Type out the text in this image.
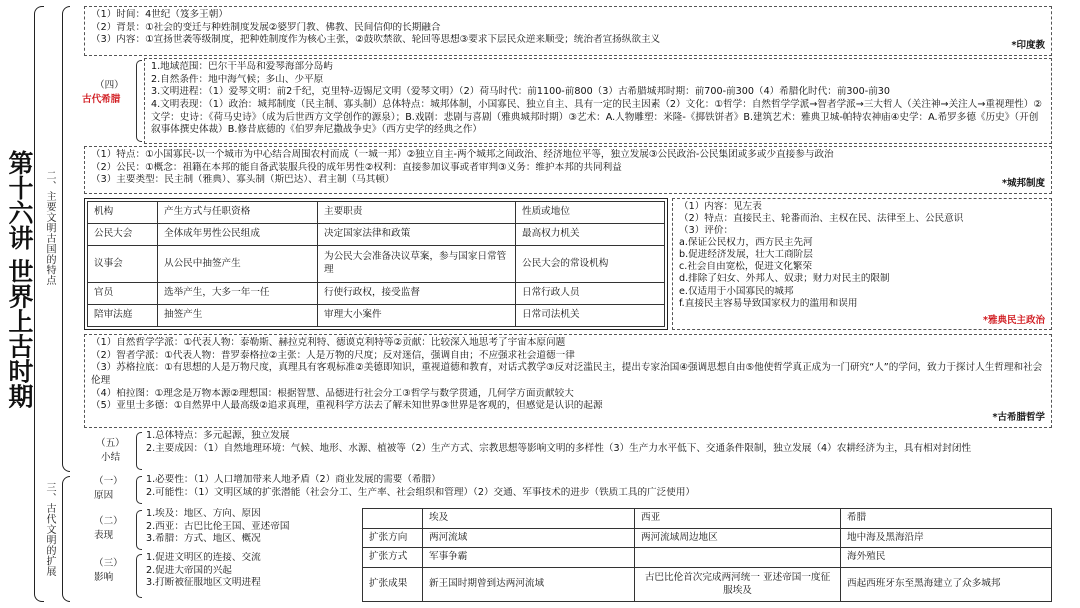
第十六讲 世界上古时期 二、主要文明古国的特点
三、古代文明的扩展
（1）时间：4世纪（笈多王朝）
（2）背景：①社会的变迁与种姓制度发展②婆罗门教、佛教、民间信仰的长期融合
（3）内容：①宣扬世袭等级制度，把种姓制度作为核心主张，②鼓吹禁欲、轮回等思想③要求下层民众逆来顺受；统治者宣扬纵欲主义
*印度教
（四）
古代希腊
1.地域范围：巴尔干半岛和爱琴海部分岛屿
2.自然条件：地中海气候；多山、少平原
3.文明进程：（1）爱琴文明：前2千纪，克里特-迈锡尼文明（爱琴文明）（2）荷马时代：前1100-前800（3）古希腊城邦时期：前700-前300（4）希腊化时代：前300-前30
4.文明表现：（1）政治：城邦制度（民主制、寡头制）总体特点：城邦体制，小国寡民、独立自主、具有一定的民主因素（2）文化：①哲学：自然哲学学派→智者学派→三大哲人（关注神→关注人→重视理性）②文学：史诗：《荷马史诗》（成为后世西方文学创作的源泉）；B.戏剧：悲剧与喜剧（雅典城邦时期）③艺术：A.人物雕塑：米隆-《掷铁饼者》B.建筑艺术：雅典卫城-帕特农神庙④史学：A.希罗多德《历史》（开创叙事体撰史体裁）B.修昔底德的《伯罗奔尼撒战争史》（西方史学的经典之作）
（1）特点：①小国寡民-以一个城市为中心结合周围农村而成（一城一邦）②独立自主-两个城邦之间政治、经济地位平等，独立发展③公民政治-公民集团或多或少直接参与政治
（2）公民：①概念：祖籍在本邦的能自备武装服兵役的成年男性②权利：直接参加议事或者审判③义务：维护本邦的共同利益
（3）主要类型：民主制（雅典）、寡头制（斯巴达）、君主制（马其顿）	*城邦制度
机构	产生方式与任职资格	主要职责	性质或地位
公民大会	全体成年男性公民组成	决定国家法律和政策	最高权力机关
议事会	从公民中抽签产生	为公民大会准备决议草案，参与国家日常管理	公民大会的常设机构
官员	选举产生，大多一年一任	行使行政权，接受监督	日常行政人员
陪审法庭	抽签产生	审理大小案件	日常司法机关
（1）内容：见左表
（2）特点：直接民主、轮番而治、主权在民、法律至上、公民意识
（3）评价：
a.保证公民权力，西方民主先河
b.促进经济发展，壮大工商阶层
c.社会自由宽松，促进文化繁荣
d.排除了妇女、外邦人、奴隶；财力对民主的限制
e.仅适用于小国寡民的城邦
f.直接民主容易导致国家权力的滥用和误用
*雅典民主政治
（1）自然哲学学派：①代表人物：泰勒斯、赫拉克利特、德谟克利特等②贡献：比较深入地思考了宇宙本原问题
（2）智者学派：①代表人物：普罗泰格拉②主张：人是万物的尺度；反对迷信，强调自由；不应强求社会道德一律
（3）苏格拉底：①有思想的人是万物尺度，真理具有客观标准②美德即知识，重视道德和教育，对话式教学③反对泛滥民主，提出专家治国④强调思想自由⑤他使哲学真正成为一门研究“人”的学问，致力于探讨人生哲理和社会伦理
（4）柏拉图：①理念是万物本源②理想国：根据智慧、品德进行社会分工③哲学与数学贯通，几何学方面贡献较大
（5）亚里士多德：①自然界中人最高级②追求真理，重视科学方法去了解未知世界③世界是客观的，但感觉是认识的起源
*古希腊哲学
（五）
小结
1.总体特点：多元起源，独立发展
2.主要成因：（1）自然地理环境：气候、地形、水源、植被等（2）生产方式、宗教思想等影响文明的多样性（3）生产力水平低下、交通条件限制，独立发展（4）农耕经济为主，具有相对封闭性
（一）
原因
1.必要性：（1）人口增加带来人地矛盾（2）商业发展的需要（希腊）
2.可能性：（1）文明区域的扩张潜能（社会分工、生产率、社会组织和管理）（2）交通、军事技术的进步（铁质工具的广泛使用）
（二）
表现
1.埃及：地区、方向、原因
2.西亚：古巴比伦王国、亚述帝国
3.希腊：方式、地区、概况
（三）
影响
1.促进文明区的连接、交流
2.促进大帝国的兴起
3.打断被征服地区文明进程
	埃及	西亚	希腊
扩张方向	两河流域	两河流域周边地区	地中海及黑海沿岸
扩张方式	军事争霸		海外殖民
扩张成果	新王国时期曾到达两河流域	古巴比伦首次完成两河统一 亚述帝国一度征服埃及	西起西班牙东至黑海建立了众多城邦
